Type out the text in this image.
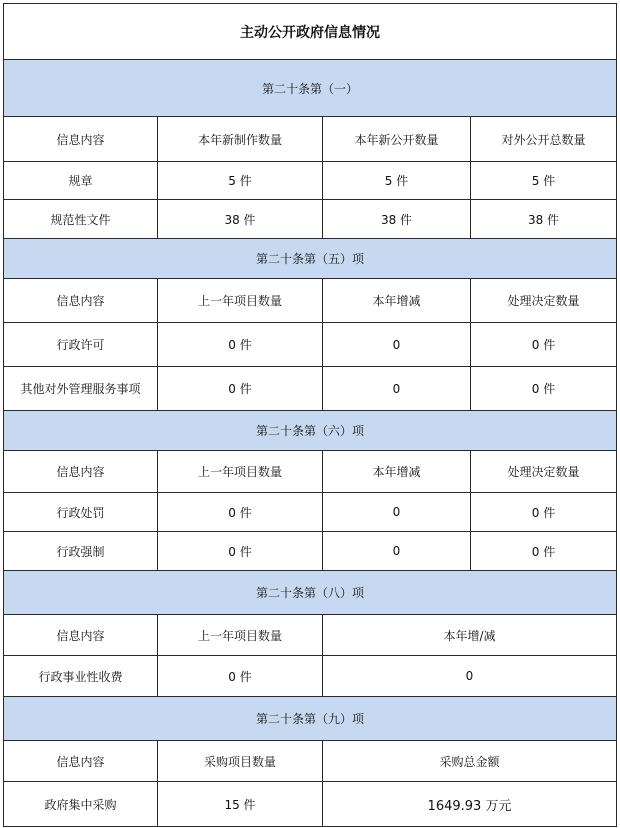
主动公开政府信息情况			
第二十条第（一）			
信息内容	本年新制作数量	本年新公开数量	对外公开总数量
规章	5 件	5 件	5 件
规范性文件	38 件	38 件	38 件
第二十条第（五）项			
信息内容	上一年项目数量	本年增减	处理决定数量
行政许可	0 件	0	0 件
其他对外管理服务事项	0 件	0	0 件
第二十条第（六）项			
信息内容	上一年项目数量	本年增减	处理决定数量
行政处罚	0 件	0	0 件
行政强制	0 件	0	0 件
第二十条第（八）项			
信息内容	上一年项目数量	本年增/减	
行政事业性收费	0 件	0	
第二十条第（九）项			
信息内容	采购项目数量	采购总金额	
政府集中采购	15 件	1649.93 万元	
